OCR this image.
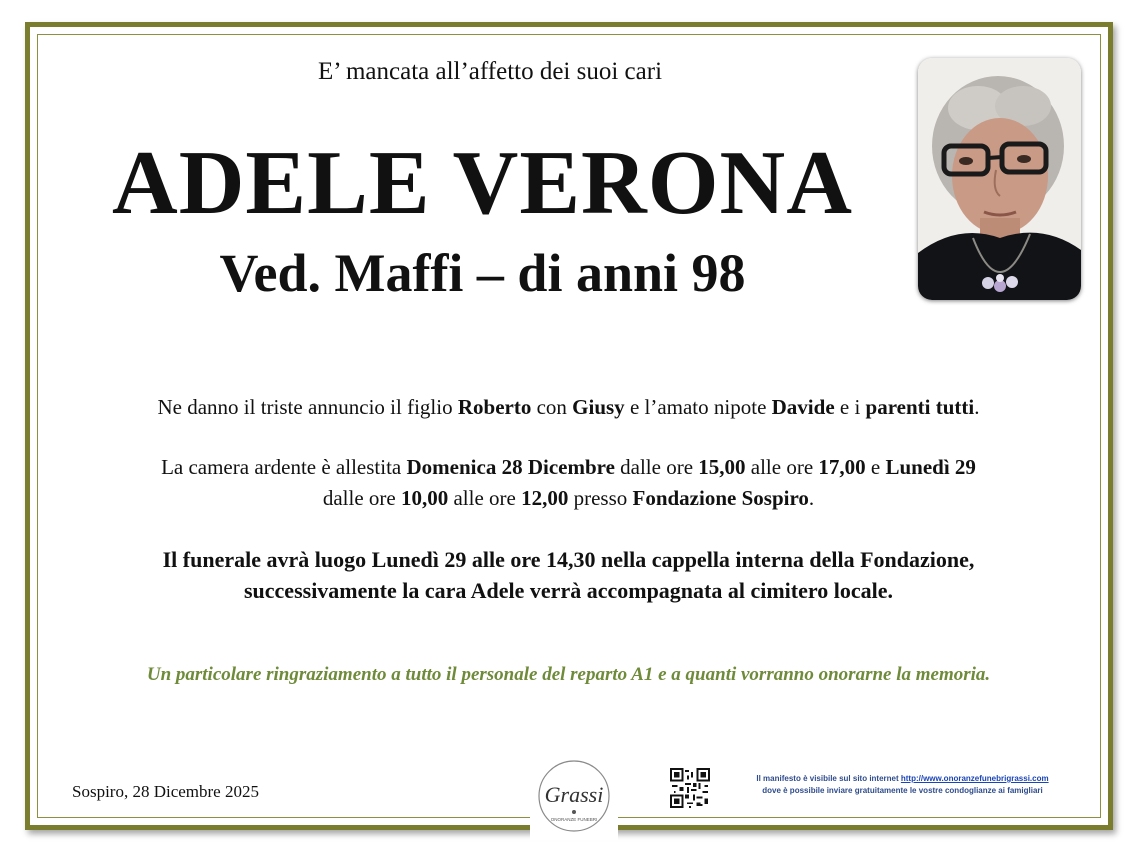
E’ mancata all’affetto dei suoi cari
ADELE VERONA
Ved. Maffi – di anni 98
Ne danno il triste annuncio il figlio Roberto con Giusy e l’amato nipote Davide e i parenti tutti.
La camera ardente è allestita Domenica 28 Dicembre dalle ore 15,00 alle ore 17,00 e Lunedì 29
dalle ore 10,00 alle ore 12,00 presso Fondazione Sospiro.
Il funerale avrà luogo Lunedì 29 alle ore 14,30 nella cappella interna della Fondazione,
successivamente la cara Adele verrà accompagnata al cimitero locale.
Un particolare ringraziamento a tutto il personale del reparto A1 e a quanti vorranno onorarne la memoria.
Sospiro, 28 Dicembre 2025	Grassi
ONORANZE FUNEBRI
Il manifesto è visibile sul sito internet http://www.onoranzefunebrigrassi.com
dove è possibile inviare gratuitamente le vostre condoglianze ai famigliari
